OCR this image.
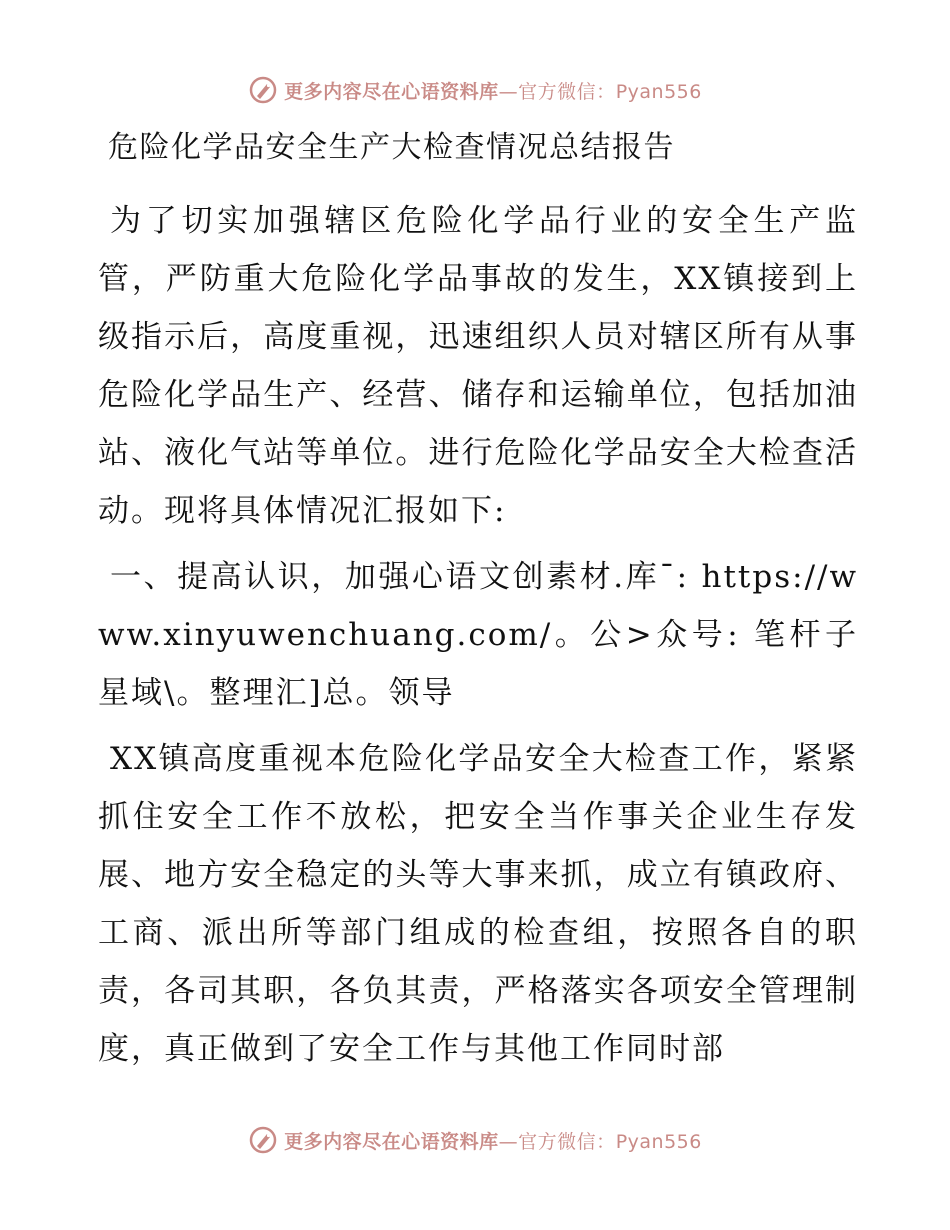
更多内容尽在心语资料库—官方微信：Pyan556
危险化学品安全生产大检查情况总结报告

为了切实加强辖区危险化学品行业的安全生产监管，严防重大危险化学品事故的发生，XX镇接到上级指示后，高度重视，迅速组织人员对辖区所有从事危险化学品生产、经营、储存和运输单位，包括加油站、液化气站等单位。进行危险化学品安全大检查活动。现将具体情况汇报如下:

一、提高认识，加强心语文创素材.库¯: https://www.xinyuwenchuang.com/。公>众号: 笔杆子星域\。整理汇]总。领导

XX镇高度重视本危险化学品安全大检查工作，紧紧抓住安全工作不放松，把安全当作事关企业生存发展、地方安全稳定的头等大事来抓，成立有镇政府、工商、派出所等部门组成的检查组，按照各自的职责，各司其职，各负其责，严格落实各项安全管理制度，真正做到了安全工作与其他工作同时部

更多内容尽在心语资料库—官方微信：Pyan556
